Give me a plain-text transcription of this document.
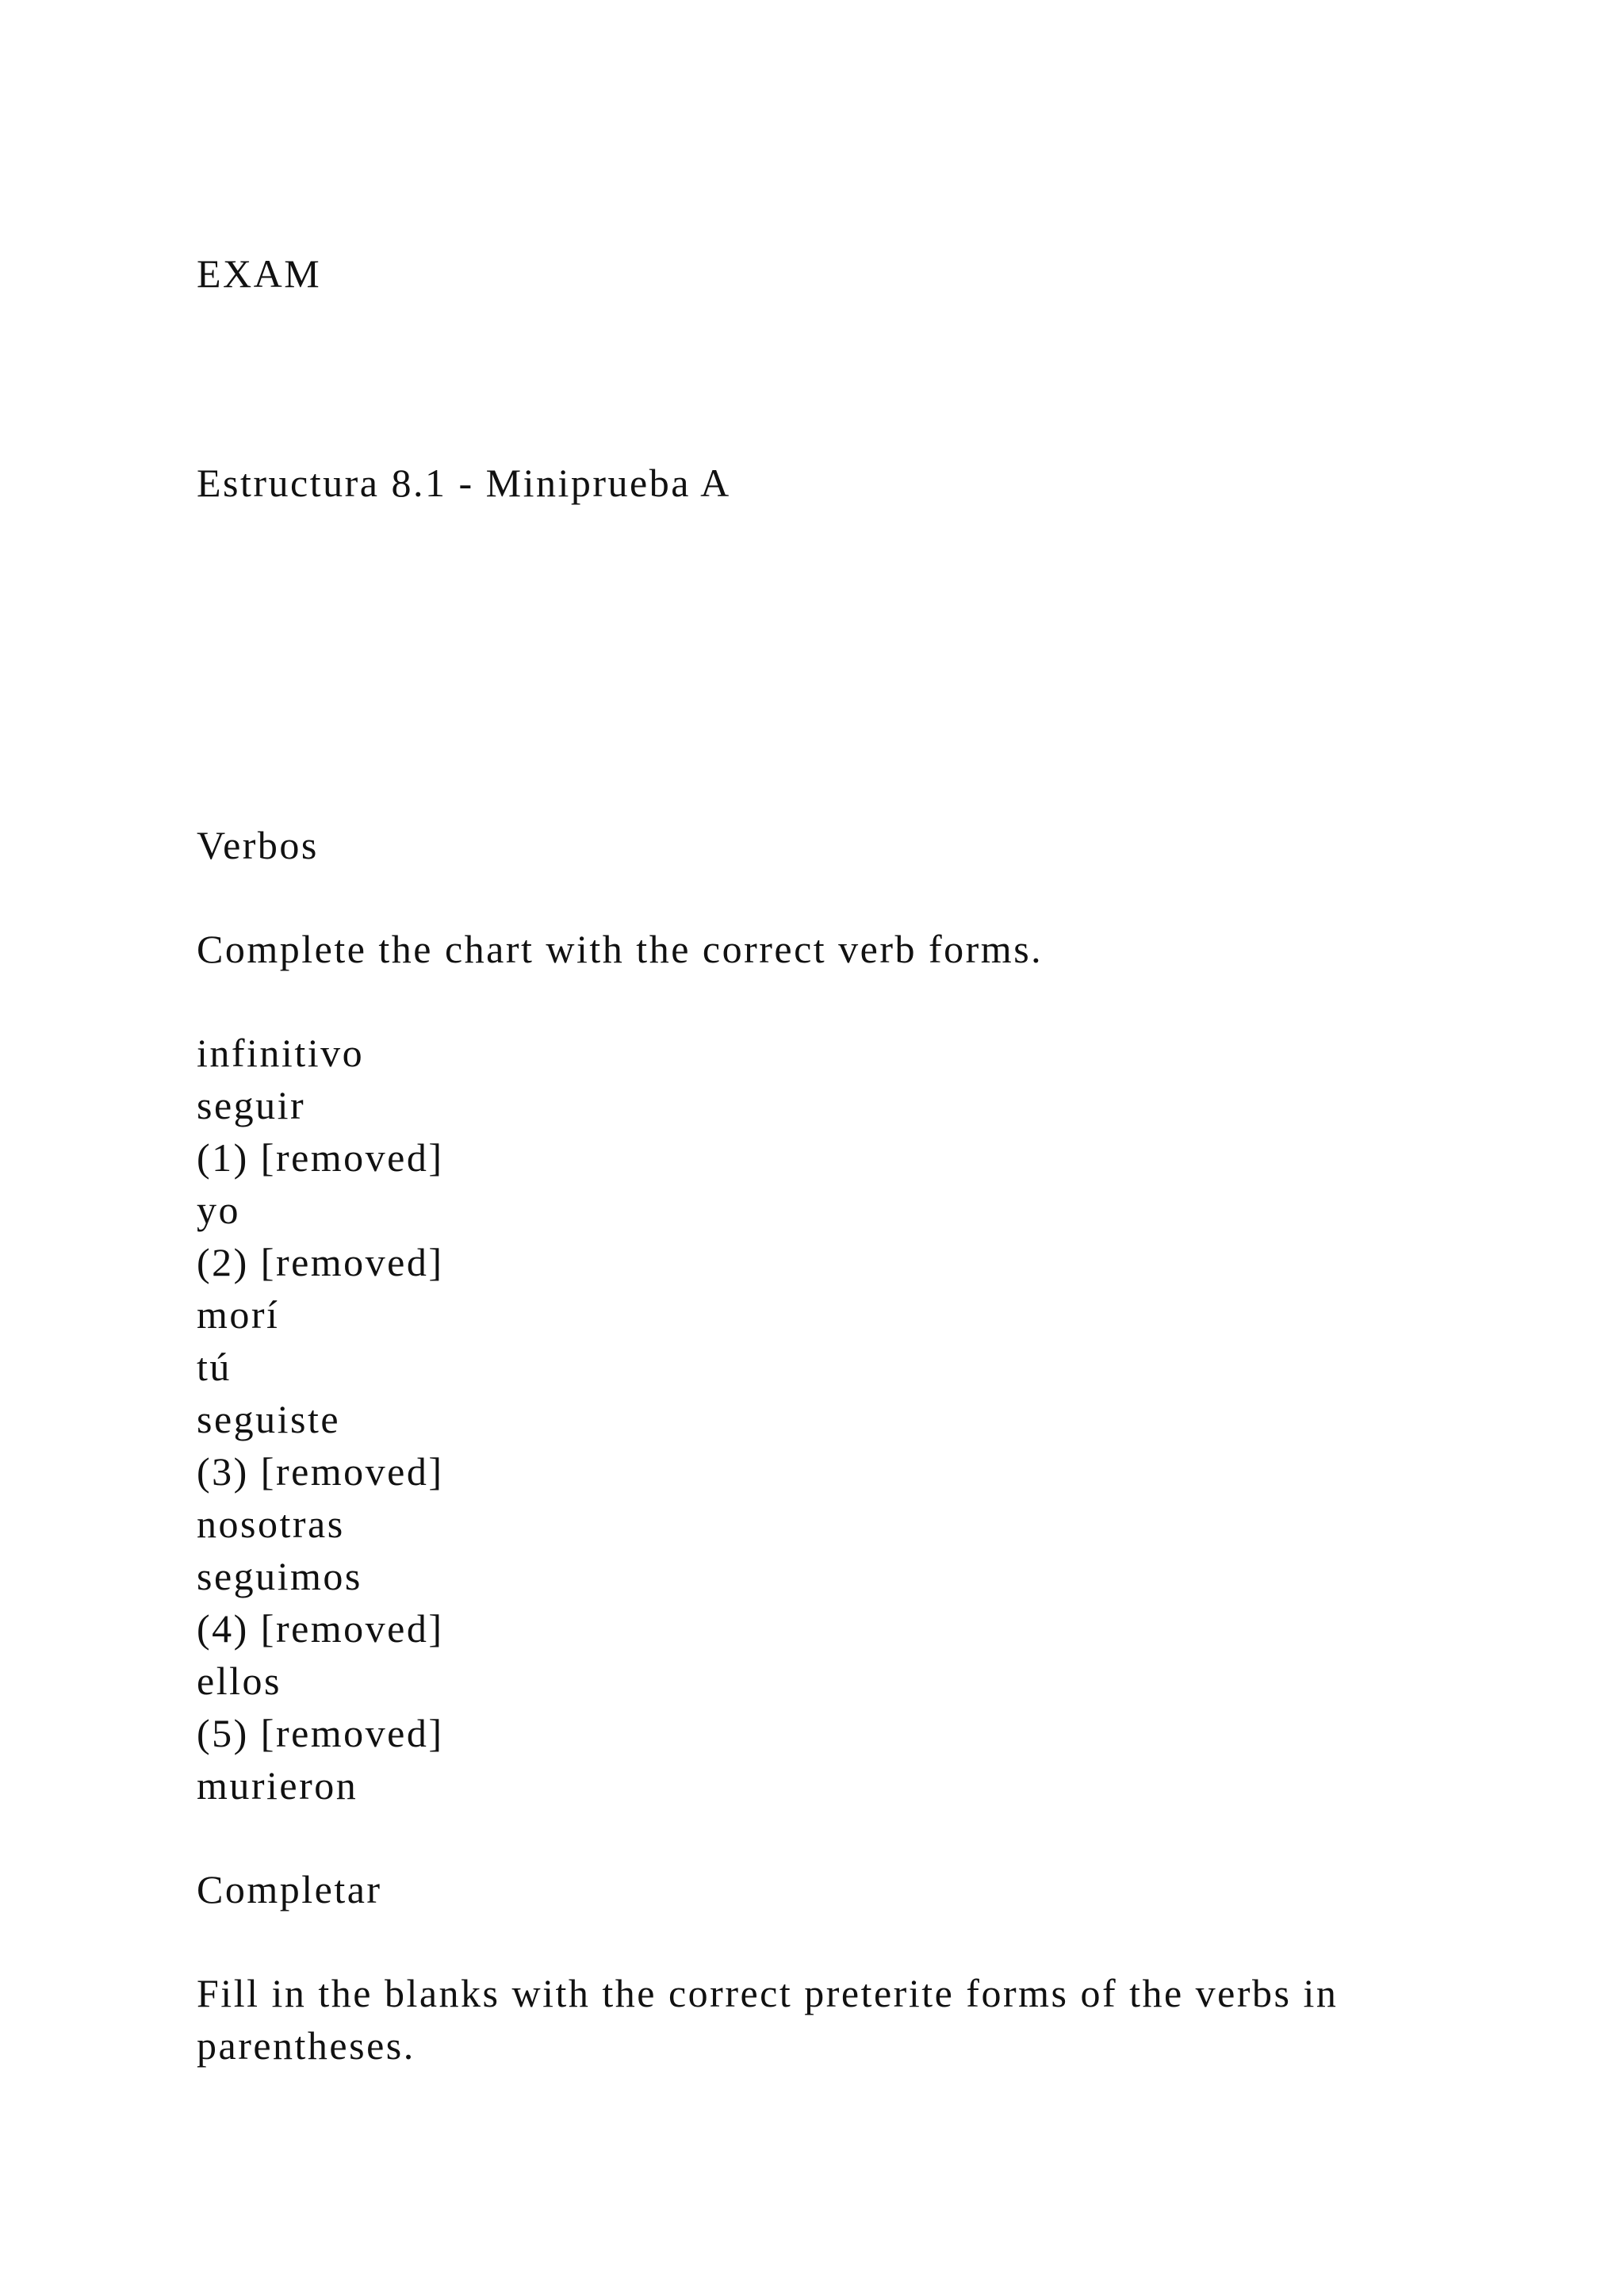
EXAM
Estructura 8.1 - Miniprueba A
Verbos

Complete the chart with the correct verb forms.

infinitivo

seguir

(1) [removed]

yo

(2) [removed]

morí

tú

seguiste

(3) [removed]

nosotras

seguimos

(4) [removed]

ellos

(5) [removed]

murieron

Completar

Fill in the blanks with the correct preterite forms of the verbs in parentheses.
